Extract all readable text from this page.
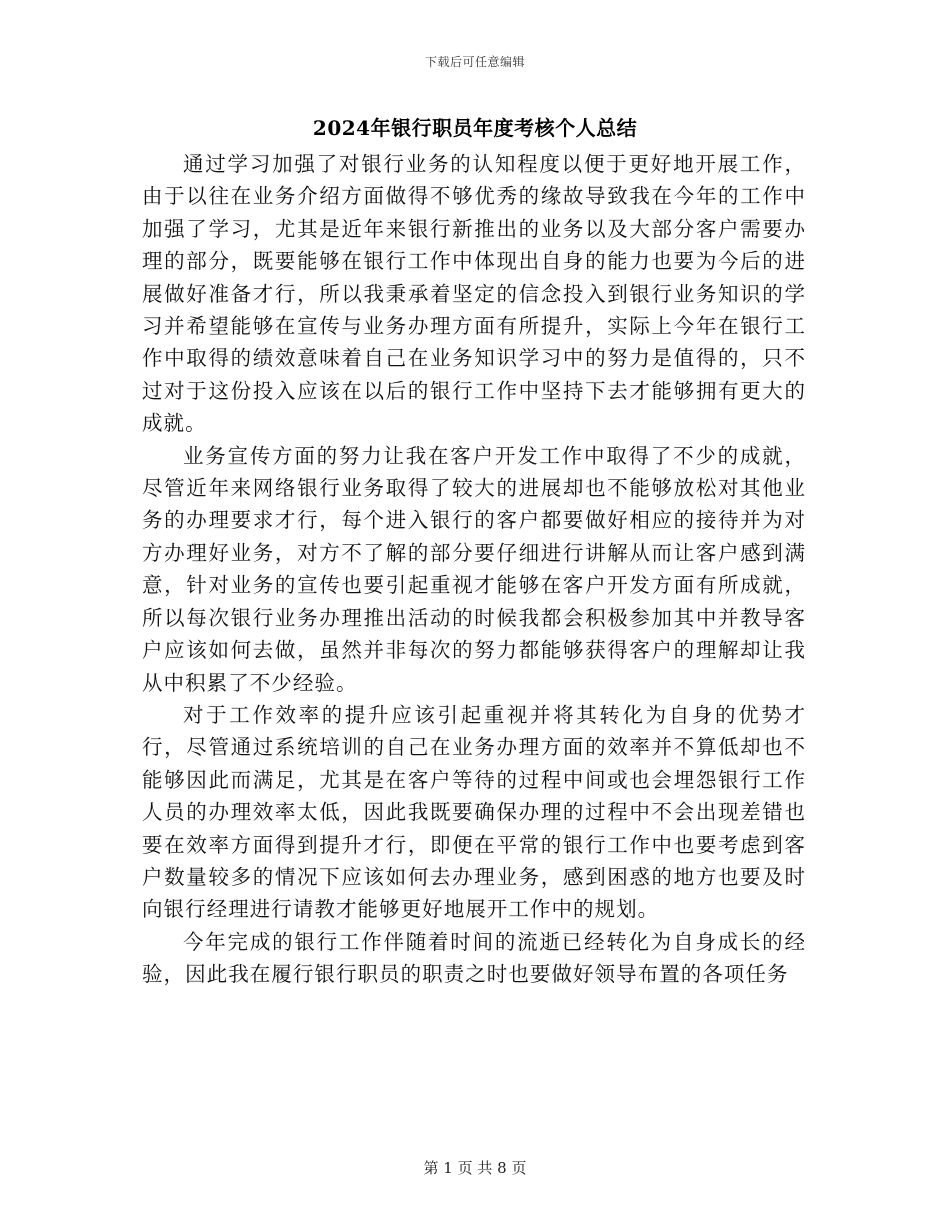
下载后可任意编辑
2024年银行职员年度考核个人总结

通过学习加强了对银行业务的认知程度以便于更好地开展工作，由于以往在业务介绍方面做得不够优秀的缘故导致我在今年的工作中加强了学习，尤其是近年来银行新推出的业务以及大部分客户需要办理的部分，既要能够在银行工作中体现出自身的能力也要为今后的进展做好准备才行，所以我秉承着坚定的信念投入到银行业务知识的学习并希望能够在宣传与业务办理方面有所提升，实际上今年在银行工作中取得的绩效意味着自己在业务知识学习中的努力是值得的，只不过对于这份投入应该在以后的银行工作中坚持下去才能够拥有更大的成就。

业务宣传方面的努力让我在客户开发工作中取得了不少的成就，尽管近年来网络银行业务取得了较大的进展却也不能够放松对其他业务的办理要求才行，每个进入银行的客户都要做好相应的接待并为对方办理好业务，对方不了解的部分要仔细进行讲解从而让客户感到满意，针对业务的宣传也要引起重视才能够在客户开发方面有所成就，所以每次银行业务办理推出活动的时候我都会积极参加其中并教导客户应该如何去做，虽然并非每次的努力都能够获得客户的理解却让我从中积累了不少经验。

对于工作效率的提升应该引起重视并将其转化为自身的优势才行，尽管通过系统培训的自己在业务办理方面的效率并不算低却也不能够因此而满足，尤其是在客户等待的过程中间或也会埋怨银行工作人员的办理效率太低，因此我既要确保办理的过程中不会出现差错也要在效率方面得到提升才行，即便在平常的银行工作中也要考虑到客户数量较多的情况下应该如何去办理业务，感到困惑的地方也要及时向银行经理进行请教才能够更好地展开工作中的规划。

今年完成的银行工作伴随着时间的流逝已经转化为自身成长的经验，因此我在履行银行职员的职责之时也要做好领导布置的各项任务

第 1 页 共 8 页
